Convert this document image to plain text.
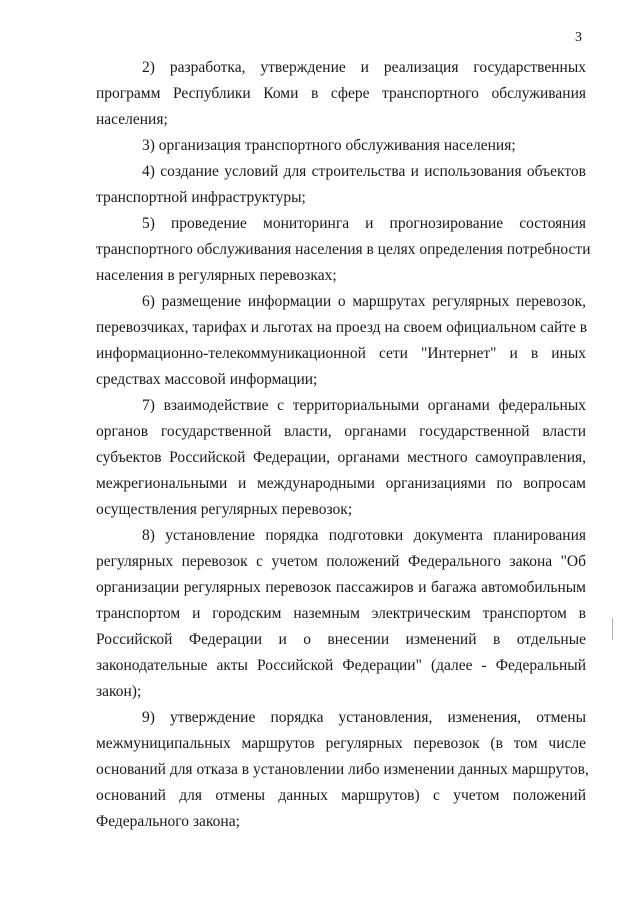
3
2) разработка, утверждение и реализация государственных
программ Республики Коми в сфере транспортного обслуживания
населения;
3) организация транспортного обслуживания населения;
4) создание условий для строительства и использования объектов
транспортной инфраструктуры;
5) проведение мониторинга и прогнозирование состояния
транспортного обслуживания населения в целях определения потребности
населения в регулярных перевозках;
6) размещение информации о маршрутах регулярных перевозок,
перевозчиках, тарифах и льготах на проезд на своем официальном сайте в
информационно-телекоммуникационной сети "Интернет" и в иных
средствах массовой информации;
7) взаимодействие с территориальными органами федеральных
органов государственной власти, органами государственной власти
субъектов Российской Федерации, органами местного самоуправления,
межрегиональными и международными организациями по вопросам
осуществления регулярных перевозок;
8) установление порядка подготовки документа планирования
регулярных перевозок с учетом положений Федерального закона "Об
организации регулярных перевозок пассажиров и багажа автомобильным
транспортом и городским наземным электрическим транспортом в
Российской Федерации и о внесении изменений в отдельные
законодательные акты Российской Федерации" (далее - Федеральный
закон);
9) утверждение порядка установления, изменения, отмены
межмуниципальных маршрутов регулярных перевозок (в том числе
оснований для отказа в установлении либо изменении данных маршрутов,
оснований для отмены данных маршрутов) с учетом положений
Федерального закона;
